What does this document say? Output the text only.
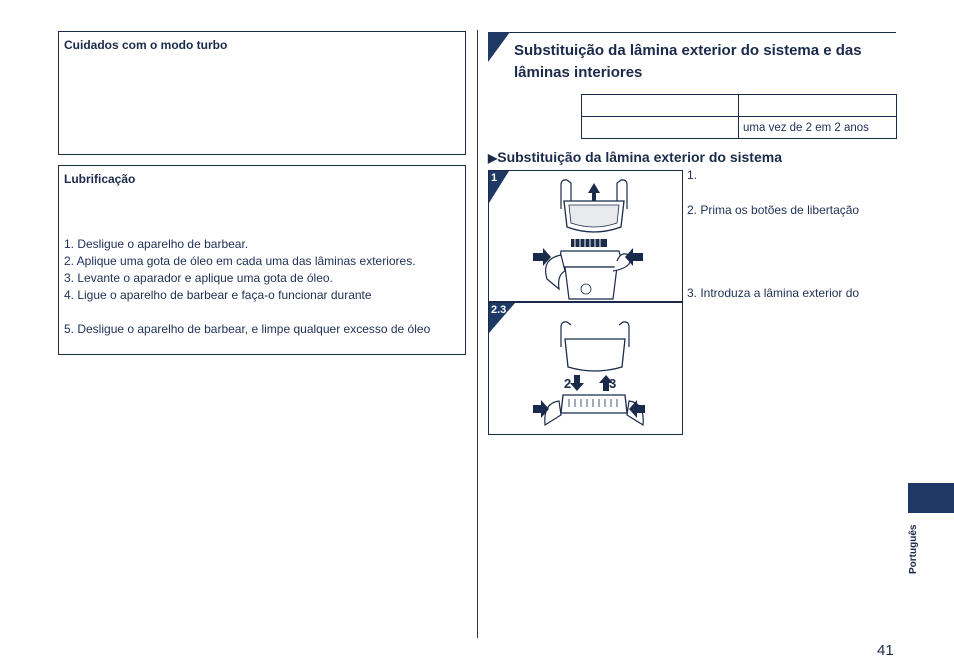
Cuidados com o modo turbo
Lubrificação
1. Desligue o aparelho de barbear.
2. Aplique uma gota de óleo em cada uma das lâminas exteriores.
3. Levante o aparador e aplique uma gota de óleo.
4. Ligue o aparelho de barbear e faça-o funcionar durante
5. Desligue o aparelho de barbear, e limpe qualquer excesso de óleo
Substituição da lâmina exterior do sistema e das
lâminas interiores

	uma vez de 2 em 2 anos
▶Substituição da lâmina exterior do sistema
1
2.3
2	3
1.
2. Prima os botões de libertação
3. Introduza a lâmina exterior do
Português
41
